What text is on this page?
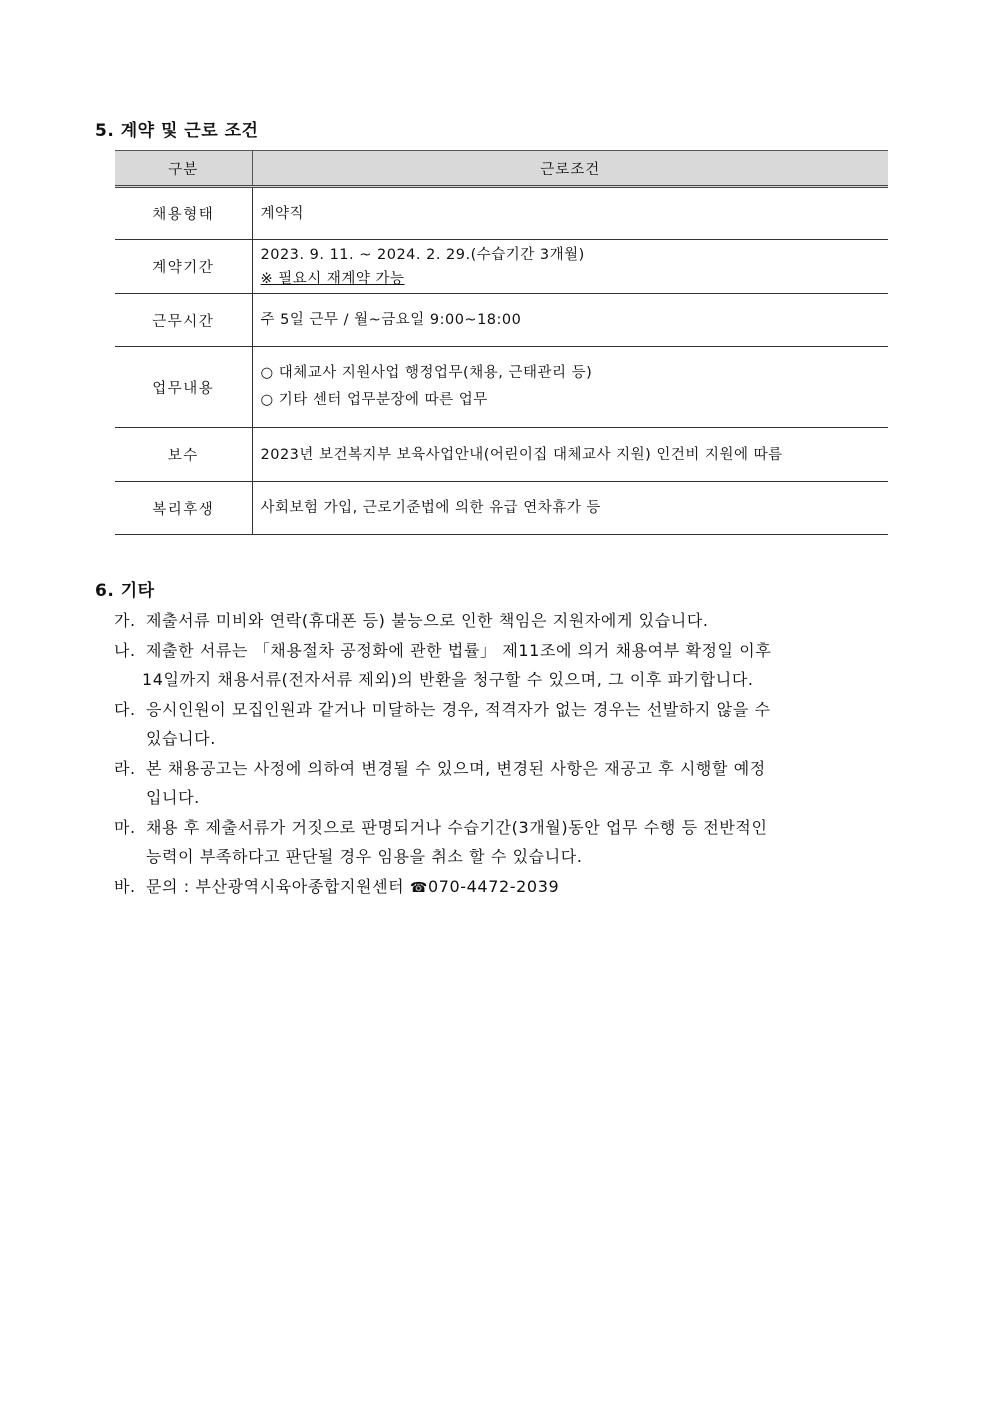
5. 계약 및 근로 조건
구분	근로조건
채용형태	계약직

계약기간	2023. 9. 11. ~ 2024. 2. 29.(수습기간 3개월)
※ 필요시 재계약 가능

근무시간	주 5일 근무 / 월~금요일 9:00~18:00

업무내용	○ 대체교사 지원사업 행정업무(채용, 근태관리 등)
○ 기타 센터 업무분장에 따른 업무

보수	2023년 보건복지부 보육사업안내(어린이집 대체교사 지원) 인건비 지원에 따름

복리후생	사회보험 가입, 근로기준법에 의한 유급 연차휴가 등
6. 기타
가. 제출서류 미비와 연락(휴대폰 등) 불능으로 인한 책임은 지원자에게 있습니다.
나. 제출한 서류는 「채용절차 공정화에 관한 법률」 제11조에 의거 채용여부 확정일 이후
14일까지 채용서류(전자서류 제외)의 반환을 청구할 수 있으며, 그 이후 파기합니다.
다. 응시인원이 모집인원과 같거나 미달하는 경우, 적격자가 없는 경우는 선발하지 않을 수
있습니다.
라. 본 채용공고는 사정에 의하여 변경될 수 있으며, 변경된 사항은 재공고 후 시행할 예정
입니다.
마. 채용 후 제출서류가 거짓으로 판명되거나 수습기간(3개월)동안 업무 수행 등 전반적인
능력이 부족하다고 판단될 경우 임용을 취소 할 수 있습니다.
바. 문의 : 부산광역시육아종합지원센터 ☎070-4472-2039
